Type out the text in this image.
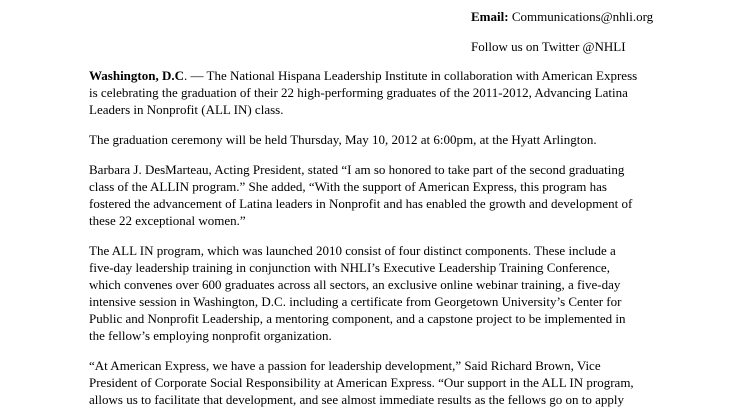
Email: Communications@nhli.org

Follow us on Twitter @NHLI

Washington, D.C. — The National Hispana Leadership Institute in collaboration with American Express
is celebrating the graduation of their 22 high-performing graduates of the 2011-2012, Advancing Latina
Leaders in Nonprofit (ALL IN) class.

The graduation ceremony will be held Thursday, May 10, 2012 at 6:00pm, at the Hyatt Arlington.

Barbara J. DesMarteau, Acting President, stated “I am so honored to take part of the second graduating
class of the ALLIN program.” She added, “With the support of American Express, this program has
fostered the advancement of Latina leaders in Nonprofit and has enabled the growth and development of
these 22 exceptional women.”

The ALL IN program, which was launched 2010 consist of four distinct components. These include a
five-day leadership training in conjunction with NHLI’s Executive Leadership Training Conference,
which convenes over 600 graduates across all sectors, an exclusive online webinar training, a five-day
intensive session in Washington, D.C. including a certificate from Georgetown University’s Center for
Public and Nonprofit Leadership, a mentoring component, and a capstone project to be implemented in
the fellow’s employing nonprofit organization.

“At American Express, we have a passion for leadership development,” Said Richard Brown, Vice
President of Corporate Social Responsibility at American Express. “Our support in the ALL IN program,
allows us to facilitate that development, and see almost immediate results as the fellows go on to apply
